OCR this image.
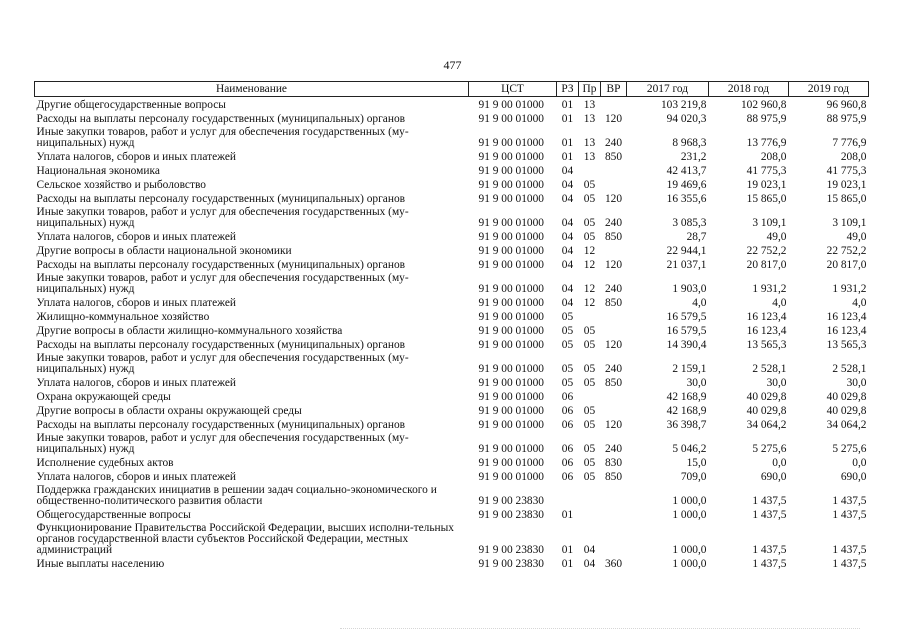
477
Наименование	ЦСТ	РЗ	Пр	ВР	2017 год	2018 год	2019 год
Другие общегосударственные вопросы	91 9 00 01000	01	13		103 219,8	102 960,8	96 960,8
Расходы на выплаты персоналу государственных (муниципальных) органов	91 9 00 01000	01	13	120	94 020,3	88 975,9	88 975,9
Иные закупки товаров, работ и услуг для обеспечения государственных (му-ниципальных) нужд	91 9 00 01000	01	13	240	8 968,3	13 776,9	7 776,9
Уплата налогов, сборов и иных платежей	91 9 00 01000	01	13	850	231,2	208,0	208,0
Национальная экономика	91 9 00 01000	04			42 413,7	41 775,3	41 775,3
Сельское хозяйство и рыболовство	91 9 00 01000	04	05		19 469,6	19 023,1	19 023,1
Расходы на выплаты персоналу государственных (муниципальных) органов	91 9 00 01000	04	05	120	16 355,6	15 865,0	15 865,0
Иные закупки товаров, работ и услуг для обеспечения государственных (му-ниципальных) нужд	91 9 00 01000	04	05	240	3 085,3	3 109,1	3 109,1
Уплата налогов, сборов и иных платежей	91 9 00 01000	04	05	850	28,7	49,0	49,0
Другие вопросы в области национальной экономики	91 9 00 01000	04	12		22 944,1	22 752,2	22 752,2
Расходы на выплаты персоналу государственных (муниципальных) органов	91 9 00 01000	04	12	120	21 037,1	20 817,0	20 817,0
Иные закупки товаров, работ и услуг для обеспечения государственных (му-ниципальных) нужд	91 9 00 01000	04	12	240	1 903,0	1 931,2	1 931,2
Уплата налогов, сборов и иных платежей	91 9 00 01000	04	12	850	4,0	4,0	4,0
Жилищно-коммунальное хозяйство	91 9 00 01000	05			16 579,5	16 123,4	16 123,4
Другие вопросы в области жилищно-коммунального хозяйства	91 9 00 01000	05	05		16 579,5	16 123,4	16 123,4
Расходы на выплаты персоналу государственных (муниципальных) органов	91 9 00 01000	05	05	120	14 390,4	13 565,3	13 565,3
Иные закупки товаров, работ и услуг для обеспечения государственных (му-ниципальных) нужд	91 9 00 01000	05	05	240	2 159,1	2 528,1	2 528,1
Уплата налогов, сборов и иных платежей	91 9 00 01000	05	05	850	30,0	30,0	30,0
Охрана окружающей среды	91 9 00 01000	06			42 168,9	40 029,8	40 029,8
Другие вопросы в области охраны окружающей среды	91 9 00 01000	06	05		42 168,9	40 029,8	40 029,8
Расходы на выплаты персоналу государственных (муниципальных) органов	91 9 00 01000	06	05	120	36 398,7	34 064,2	34 064,2
Иные закупки товаров, работ и услуг для обеспечения государственных (му-ниципальных) нужд	91 9 00 01000	06	05	240	5 046,2	5 275,6	5 275,6
Исполнение судебных актов	91 9 00 01000	06	05	830	15,0	0,0	0,0
Уплата налогов, сборов и иных платежей	91 9 00 01000	06	05	850	709,0	690,0	690,0
Поддержка гражданских инициатив в решении задач социально-экономического и общественно-политического развития области	91 9 00 23830				1 000,0	1 437,5	1 437,5
Общегосударственные вопросы	91 9 00 23830	01			1 000,0	1 437,5	1 437,5
Функционирование Правительства Российской Федерации, высших исполни-тельных органов государственной власти субъектов Российской Федерации, местных администраций	91 9 00 23830	01	04		1 000,0	1 437,5	1 437,5
Иные выплаты населению	91 9 00 23830	01	04	360	1 000,0	1 437,5	1 437,5
